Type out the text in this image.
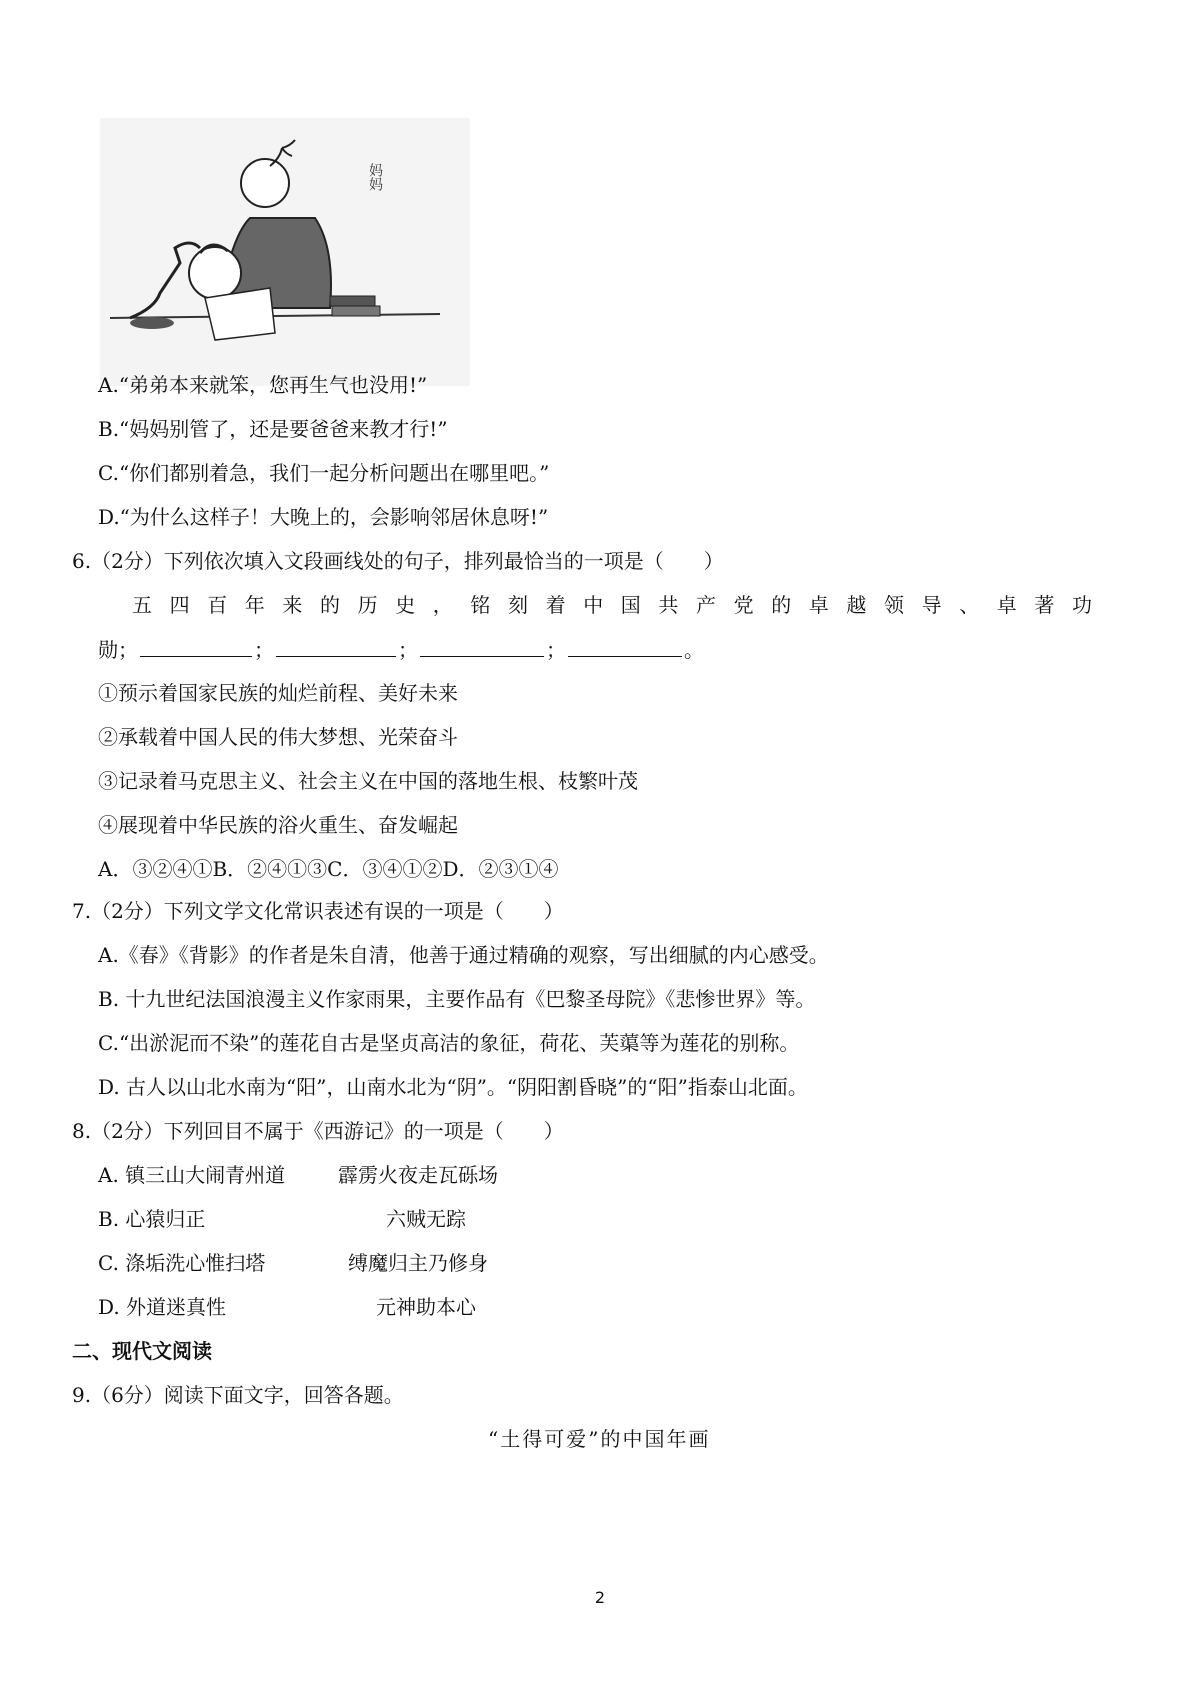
妈妈
A.“弟弟本来就笨，您再生气也没用!”
B.“妈妈别管了，还是要爸爸来教才行!”
C.“你们都别着急，我们一起分析问题出在哪里吧。”
D.“为什么这样子！大晚上的，会影响邻居休息呀!”
6.（2分）下列依次填入文段画线处的句子，排列最恰当的一项是（　　）
五四百年来的历史，铭刻着中国共产党的卓越领导、卓著功
勋；	；	；	；	。
①预示着国家民族的灿烂前程、美好未来
②承载着中国人民的伟大梦想、光荣奋斗
③记录着马克思主义、社会主义在中国的落地生根、枝繁叶茂
④展现着中华民族的浴火重生、奋发崛起
A．③②④①B．②④①③C．③④①②D．②③①④
7.（2分）下列文学文化常识表述有误的一项是（　　）
A.《春》《背影》的作者是朱自清，他善于通过精确的观察，写出细腻的内心感受。
B. 十九世纪法国浪漫主义作家雨果，主要作品有《巴黎圣母院》《悲惨世界》等。
C.“出淤泥而不染”的莲花自古是坚贞高洁的象征，荷花、芙蕖等为莲花的别称。
D. 古人以山北水南为“阳”，山南水北为“阴”。“阴阳割昏晓”的“阳”指泰山北面。
8.（2分）下列回目不属于《西游记》的一项是（　　）
A. 镇三山大闹青州道	霹雳火夜走瓦砾场
B. 心猿归正	六贼无踪
C. 涤垢洗心惟扫塔	缚魔归主乃修身
D. 外道迷真性	元神助本心
二、现代文阅读
9.（6分）阅读下面文字，回答各题。
“土得可爱”的中国年画
2
